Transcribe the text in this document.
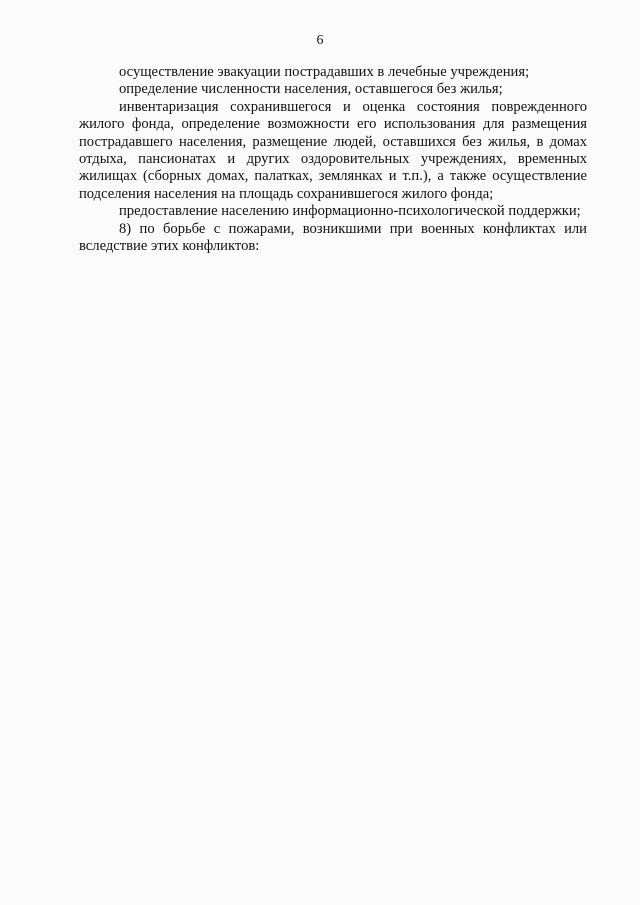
6

осуществление эвакуации пострадавших в лечебные учреждения;

определение численности населения, оставшегося без жилья;

инвентаризация сохранившегося и оценка состояния поврежденного жилого фонда, определение возможности его использования для размещения пострадавшего населения, размещение людей, оставшихся без жилья, в домах отдыха, пансионатах и других оздоровительных учреждениях, временных жилищах (сборных домах, палатках, землянках и т.п.), а также осуществление подселения населения на площадь сохранившегося жилого фонда;

предоставление населению информационно-психологической поддержки;

8) по борьбе с пожарами, возникшими при военных конфликтах или вследствие этих конфликтов:
